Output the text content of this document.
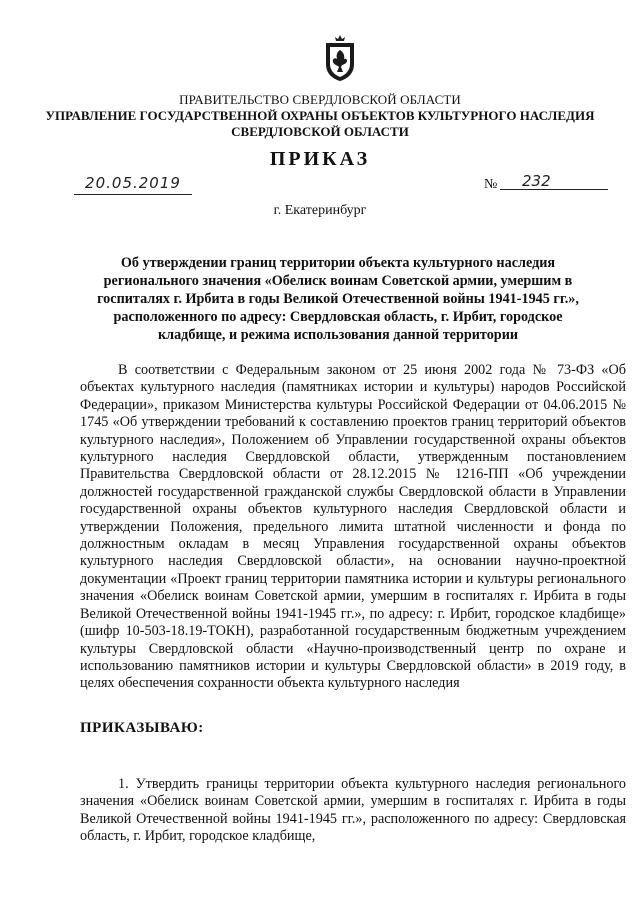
ПРАВИТЕЛЬСТВО СВЕРДЛОВСКОЙ ОБЛАСТИ
УПРАВЛЕНИЕ ГОСУДАРСТВЕННОЙ ОХРАНЫ ОБЪЕКТОВ КУЛЬТУРНОГО НАСЛЕДИЯ СВЕРДЛОВСКОЙ ОБЛАСТИ
ПРИКАЗ
20.05.2019	№	232
г. Екатеринбург
Об утверждении границ территории объекта культурного наследия регионального значения «Обелиск воинам Советской армии, умершим в госпиталях г. Ирбита в годы Великой Отечественной войны 1941-1945 гг.», расположенного по адресу: Свердловская область, г. Ирбит, городское кладбище, и режима использования данной территории
В соответствии с Федеральным законом от 25 июня 2002 года № 73-ФЗ «Об объектах культурного наследия (памятниках истории и культуры) народов Российской Федерации», приказом Министерства культуры Российской Федерации от 04.06.2015 № 1745 «Об утверждении требований к составлению проектов границ территорий объектов культурного наследия», Положением об Управлении государственной охраны объектов культурного наследия Свердловской области, утвержденным постановлением Правительства Свердловской области от 28.12.2015 № 1216-ПП «Об учреждении должностей государственной гражданской службы Свердловской области в Управлении государственной охраны объектов культурного наследия Свердловской области и утверждении Положения, предельного лимита штатной численности и фонда по должностным окладам в месяц Управления государственной охраны объектов культурного наследия Свердловской области», на основании научно-проектной документации «Проект границ территории памятника истории и культуры регионального значения «Обелиск воинам Советской армии, умершим в госпиталях г. Ирбита в годы Великой Отечественной войны 1941-1945 гг.», по адресу: г. Ирбит, городское кладбище» (шифр 10-503-18.19-ТОКН), разработанной государственным бюджетным учреждением культуры Свердловской области «Научно-производственный центр по охране и использованию памятников истории и культуры Свердловской области» в 2019 году, в целях обеспечения сохранности объекта культурного наследия
ПРИКАЗЫВАЮ:
1. Утвердить границы территории объекта культурного наследия регионального значения «Обелиск воинам Советской армии, умершим в госпиталях г. Ирбита в годы Великой Отечественной войны 1941-1945 гг.», расположенного по адресу: Свердловская область, г. Ирбит, городское кладбище,
